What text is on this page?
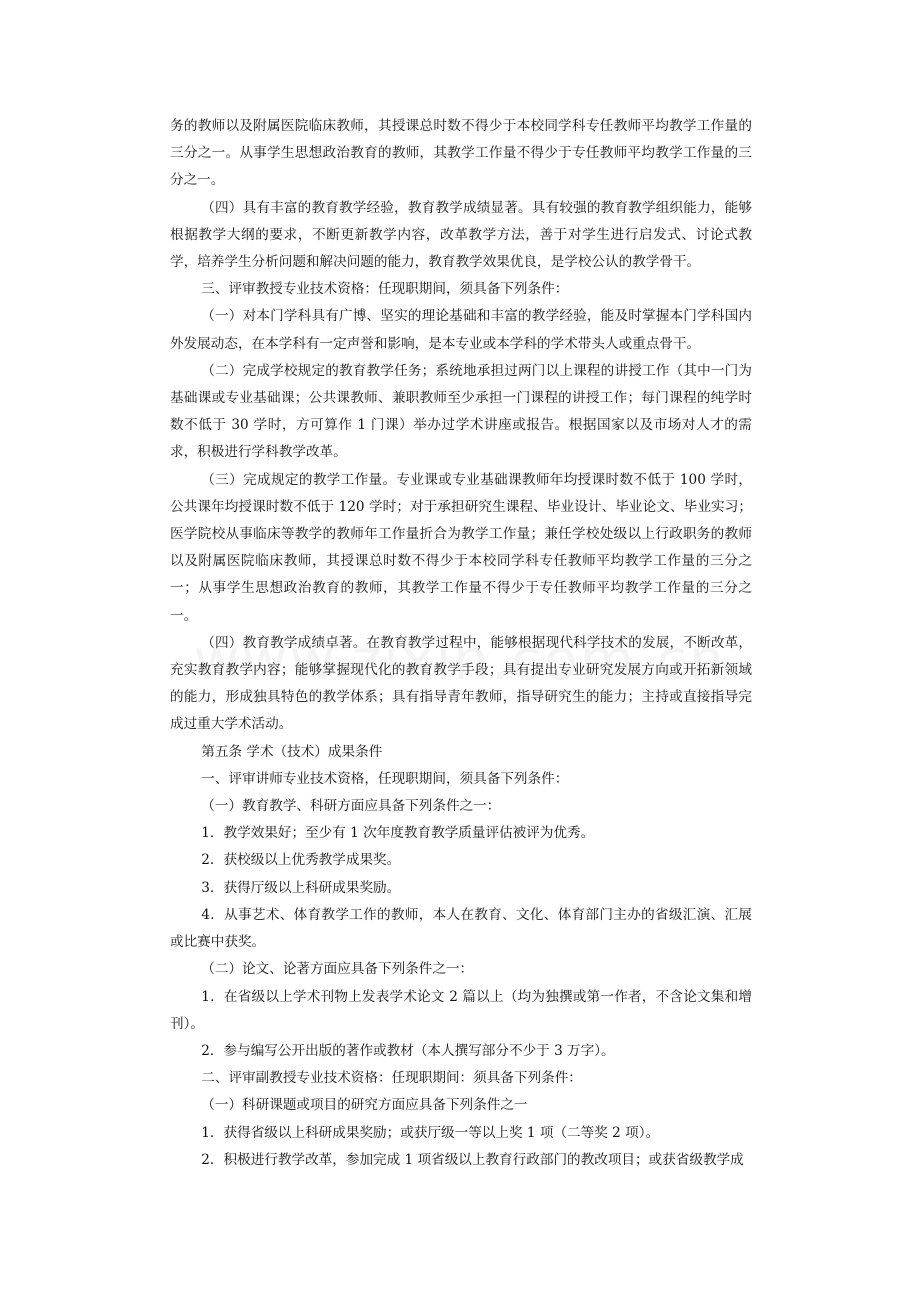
务的教师以及附属医院临床教师，其授课总时数不得少于本校同学科专任教师平均教学工作量的三分之一。从事学生思想政治教育的教师，其教学工作量不得少于专任教师平均教学工作量的三分之一。

（四）具有丰富的教育教学经验，教育教学成绩显著。具有较强的教育教学组织能力，能够根据教学大纲的要求，不断更新教学内容，改革教学方法，善于对学生进行启发式、讨论式教学，培养学生分析问题和解决问题的能力，教育教学效果优良，是学校公认的教学骨干。

三、评审教授专业技术资格：任现职期间，须具备下列条件：

（一）对本门学科具有广博、坚实的理论基础和丰富的教学经验，能及时掌握本门学科国内外发展动态，在本学科有一定声誉和影响，是本专业或本学科的学术带头人或重点骨干。

（二）完成学校规定的教育教学任务；系统地承担过两门以上课程的讲授工作（其中一门为基础课或专业基础课；公共课教师、兼职教师至少承担一门课程的讲授工作；每门课程的纯学时数不低于 30 学时，方可算作 1 门课）举办过学术讲座或报告。根据国家以及市场对人才的需求，积极进行学科教学改革。

（三）完成规定的教学工作量。专业课或专业基础课教师年均授课时数不低于 100 学时，公共课年均授课时数不低于 120 学时；对于承担研究生课程、毕业设计、毕业论文、毕业实习；医学院校从事临床等教学的教师年工作量折合为教学工作量；兼任学校处级以上行政职务的教师以及附属医院临床教师，其授课总时数不得少于本校同学科专任教师平均教学工作量的三分之一；从事学生思想政治教育的教师，其教学工作量不得少于专任教师平均教学工作量的三分之一。

（四）教育教学成绩卓著。在教育教学过程中，能够根据现代科学技术的发展，不断改革，充实教育教学内容；能够掌握现代化的教育教学手段；具有提出专业研究发展方向或开拓新领域的能力，形成独具特色的教学体系；具有指导青年教师，指导研究生的能力；主持或直接指导完成过重大学术活动。

第五条 学术（技术）成果条件

一、评审讲师专业技术资格，任现职期间，须具备下列条件：

（一）教育教学、科研方面应具备下列条件之一：

1．教学效果好；至少有 1 次年度教育教学质量评估被评为优秀。

2．获校级以上优秀教学成果奖。

3．获得厅级以上科研成果奖励。

4．从事艺术、体育教学工作的教师，本人在教育、文化、体育部门主办的省级汇演、汇展或比赛中获奖。

（二）论文、论著方面应具备下列条件之一：

1．在省级以上学术刊物上发表学术论文 2 篇以上（均为独撰或第一作者，不含论文集和增刊）。

2．参与编写公开出版的著作或教材（本人撰写部分不少于 3 万字）。

二、评审副教授专业技术资格：任现职期间：须具备下列条件：

（一）科研课题或项目的研究方面应具备下列条件之一

1．获得省级以上科研成果奖励；或获厅级一等以上奖 1 项（二等奖 2 项）。

2．积极进行教学改革，参加完成 1 项省级以上教育行政部门的教改项目；或获省级教学成
